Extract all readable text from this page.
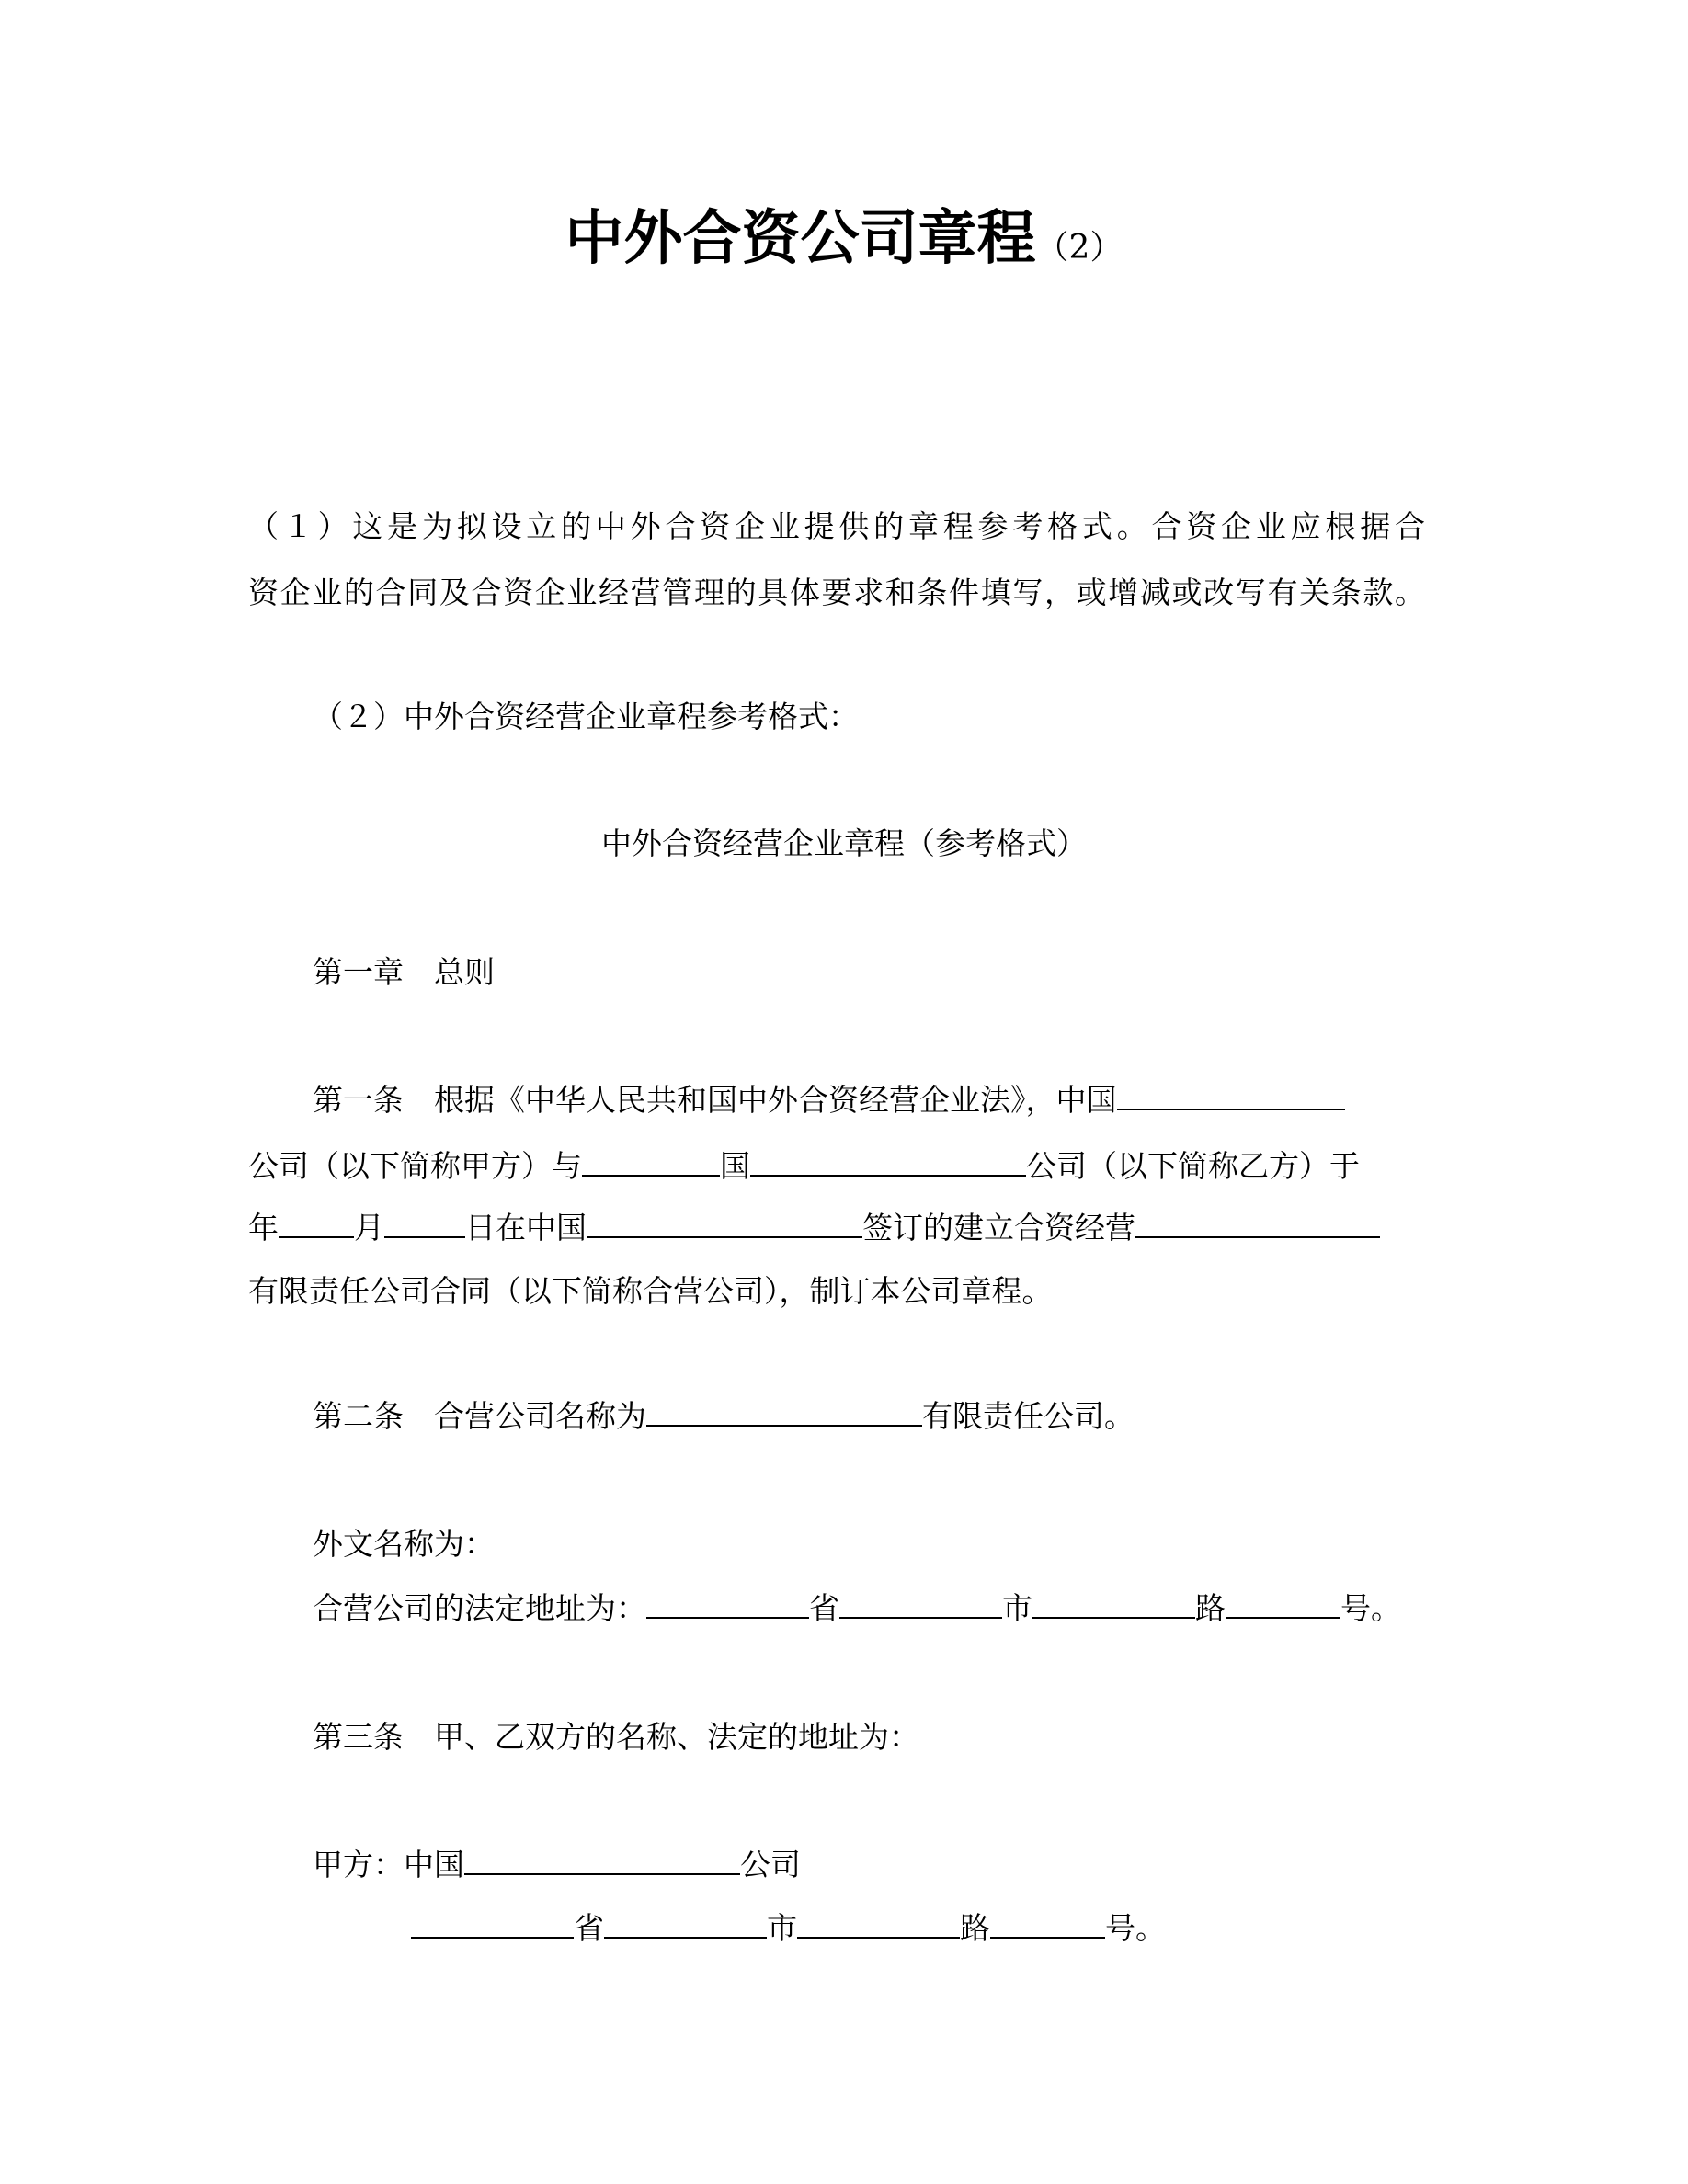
中外合资公司章程（2）
（１）这是为拟设立的中外合资企业提供的章程参考格式。合资企业应根据合
资企业的合同及合资企业经营管理的具体要求和条件填写，或增减或改写有关条款。
（２）中外合资经营企业章程参考格式：
中外合资经营企业章程（参考格式）
第一章　总则
第一条　根据《中华人民共和国中外合资经营企业法》，中国
公司（以下简称甲方）与	国	公司（以下简称乙方）于
年 月	日在中国	签订的建立合资经营
有限责任公司合同（以下简称合营公司），制订本公司章程。
第二条　合营公司名称为	有限责任公司。
外文名称为：
合营公司的法定地址为：	省	市	路	号。
第三条　甲、乙双方的名称、法定的地址为：
甲方：中国	公司
省	市	路	号。
